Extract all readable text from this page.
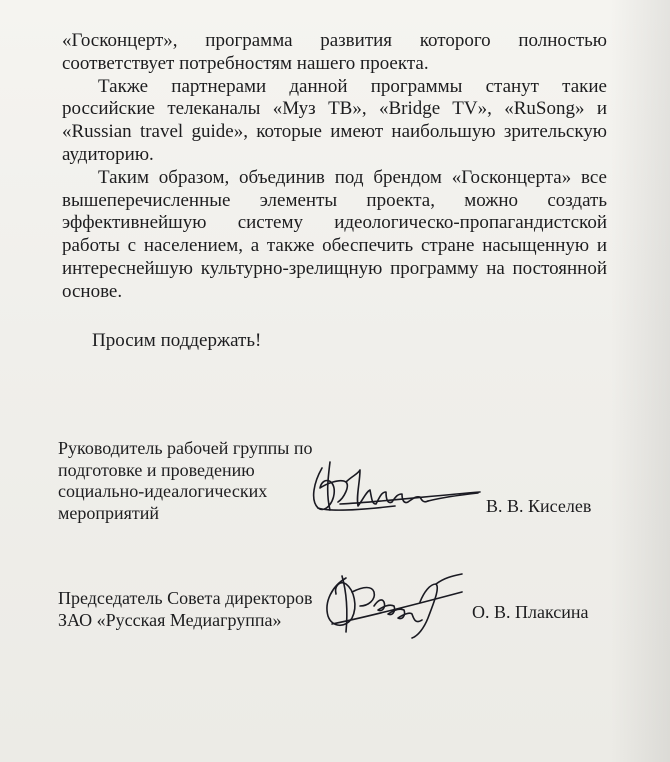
«Госконцерт», программа развития которого полностью соответствует потребностям нашего проекта.

Также партнерами данной программы станут такие российские телеканалы «Муз ТВ», «Bridge TV», «RuSong» и «Russian travel guide», которые имеют наибольшую зрительскую аудиторию.

Таким образом, объединив под брендом «Госконцерта» все вышеперечисленные элементы проекта, можно создать эффективнейшую систему идеологическо-пропагандистской работы с населением, а также обеспечить стране насыщенную и интереснейшую культурно-зрелищную программу на постоянной основе.

Просим поддержать!
Руководитель рабочей группы по
подготовке и проведению
социально-идеалогических
мероприятий	В. В. Киселев
Председатель Совета директоров
ЗАО «Русская Медиагруппа»	О. В. Плаксина
